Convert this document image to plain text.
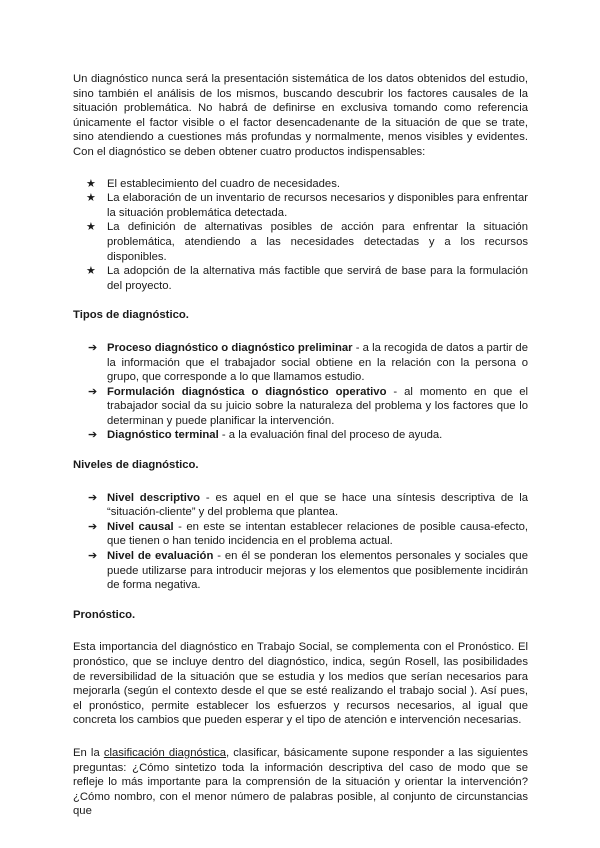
Un diagnóstico nunca será la presentación sistemática de los datos obtenidos del estudio, sino también el análisis de los mismos, buscando descubrir los factores causales de la situación problemática. No habrá de definirse en exclusiva tomando como referencia únicamente el factor visible o el factor desencadenante de la situación de que se trate, sino atendiendo a cuestiones más profundas y normalmente, menos visibles y evidentes. Con el diagnóstico se deben obtener cuatro productos indispensables:

★ El establecimiento del cuadro de necesidades.
★ La elaboración de un inventario de recursos necesarios y disponibles para enfrentar la situación problemática detectada.
★ La definición de alternativas posibles de acción para enfrentar la situación problemática, atendiendo a las necesidades detectadas y a los recursos disponibles.
★ La adopción de la alternativa más factible que servirá de base para la formulación del proyecto.

Tipos de diagnóstico.

➔ Proceso diagnóstico o diagnóstico preliminar - a la recogida de datos a partir de la información que el trabajador social obtiene en la relación con la persona o grupo, que corresponde a lo que llamamos estudio.
➔ Formulación diagnóstica o diagnóstico operativo - al momento en que el trabajador social da su juicio sobre la naturaleza del problema y los factores que lo determinan y puede planificar la intervención.
➔ Diagnóstico terminal - a la evaluación final del proceso de ayuda.

Niveles de diagnóstico.

➔ Nivel descriptivo - es aquel en el que se hace una síntesis descriptiva de la “situación-cliente” y del problema que plantea.
➔ Nivel causal - en este se intentan establecer relaciones de posible causa-efecto, que tienen o han tenido incidencia en el problema actual.
➔ Nivel de evaluación - en él se ponderan los elementos personales y sociales que puede utilizarse para introducir mejoras y los elementos que posiblemente incidirán de forma negativa.

Pronóstico.

Esta importancia del diagnóstico en Trabajo Social, se complementa con el Pronóstico. El pronóstico, que se incluye dentro del diagnóstico, indica, según Rosell, las posibilidades de reversibilidad de la situación que se estudia y los medios que serían necesarios para mejorarla (según el contexto desde el que se esté realizando el trabajo social ). Así pues, el pronóstico, permite establecer los esfuerzos y recursos necesarios, al igual que concreta los cambios que pueden esperar y el tipo de atención e intervención necesarias.

En la clasificación diagnóstica, clasificar, básicamente supone responder a las siguientes preguntas: ¿Cómo sintetizo toda la información descriptiva del caso de modo que se refleje lo más importante para la comprensión de la situación y orientar la intervención? ¿Cómo nombro, con el menor número de palabras posible, al conjunto de circunstancias que
